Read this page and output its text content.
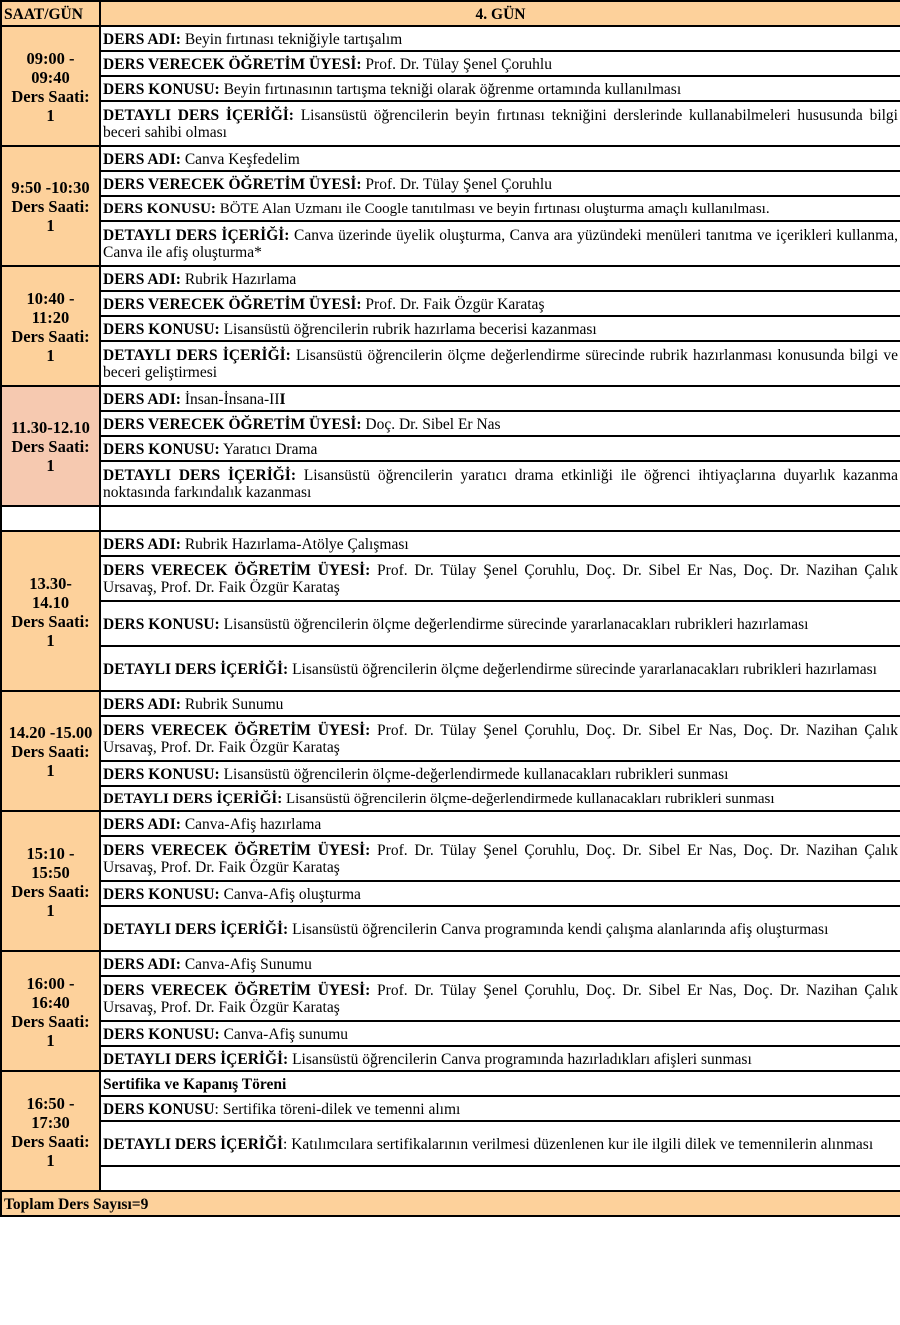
SAAT/GÜN	4. GÜN

09:00 -
09:40
Ders Saati:
1	DERS ADI: Beyin fırtınası tekniğiyle tartışalım
	DERS VERECEK ÖĞRETİM ÜYESİ: Prof. Dr. Tülay Şenel Çoruhlu
	DERS KONUSU: Beyin fırtınasının tartışma tekniği olarak öğrenme ortamında kullanılması
	DETAYLI DERS İÇERİĞİ: Lisansüstü öğrencilerin beyin fırtınası tekniğini derslerinde kullanabilmeleri hususunda bilgi beceri sahibi olması

9:50 -10:30
Ders Saati:
1	DERS ADI: Canva Keşfedelim
	DERS VERECEK ÖĞRETİM ÜYESİ: Prof. Dr. Tülay Şenel Çoruhlu
	DERS KONUSU: BÖTE Alan Uzmanı ile Coogle tanıtılması ve beyin fırtınası oluşturma amaçlı kullanılması.
	DETAYLI DERS İÇERİĞİ: Canva üzerinde üyelik oluşturma, Canva ara yüzündeki menüleri tanıtma ve içerikleri kullanma, Canva ile afiş oluşturma*

10:40 -
11:20
Ders Saati:
1	DERS ADI: Rubrik Hazırlama
	DERS VERECEK ÖĞRETİM ÜYESİ: Prof. Dr. Faik Özgür Karataş
	DERS KONUSU: Lisansüstü öğrencilerin rubrik hazırlama becerisi kazanması
	DETAYLI DERS İÇERİĞİ: Lisansüstü öğrencilerin ölçme değerlendirme sürecinde rubrik hazırlanması konusunda bilgi ve beceri geliştirmesi

11.30-12.10
Ders Saati:
1	DERS ADI: İnsan-İnsana-III
	DERS VERECEK ÖĞRETİM ÜYESİ: Doç. Dr. Sibel Er Nas
	DERS KONUSU: Yaratıcı Drama
	DETAYLI DERS İÇERİĞİ: Lisansüstü öğrencilerin yaratıcı drama etkinliği ile öğrenci ihtiyaçlarına duyarlık kazanma noktasında farkındalık kazanması

13.30-
14.10
Ders Saati:
1	DERS ADI: Rubrik Hazırlama-Atölye Çalışması
	DERS VERECEK ÖĞRETİM ÜYESİ: Prof. Dr. Tülay Şenel Çoruhlu, Doç. Dr. Sibel Er Nas, Doç. Dr. Nazihan Çalık Ursavaş, Prof. Dr. Faik Özgür Karataş
	DERS KONUSU: Lisansüstü öğrencilerin ölçme değerlendirme sürecinde yararlanacakları rubrikleri hazırlaması
	DETAYLI DERS İÇERİĞİ: Lisansüstü öğrencilerin ölçme değerlendirme sürecinde yararlanacakları rubrikleri hazırlaması

14.20 -15.00
Ders Saati:
1	DERS ADI: Rubrik Sunumu
	DERS VERECEK ÖĞRETİM ÜYESİ: Prof. Dr. Tülay Şenel Çoruhlu, Doç. Dr. Sibel Er Nas, Doç. Dr. Nazihan Çalık Ursavaş, Prof. Dr. Faik Özgür Karataş
	DERS KONUSU: Lisansüstü öğrencilerin ölçme-değerlendirmede kullanacakları rubrikleri sunması
	DETAYLI DERS İÇERİĞİ: Lisansüstü öğrencilerin ölçme-değerlendirmede kullanacakları rubrikleri sunması

15:10 -
15:50
Ders Saati:
1	DERS ADI: Canva-Afiş hazırlama
	DERS VERECEK ÖĞRETİM ÜYESİ: Prof. Dr. Tülay Şenel Çoruhlu, Doç. Dr. Sibel Er Nas, Doç. Dr. Nazihan Çalık Ursavaş, Prof. Dr. Faik Özgür Karataş
	DERS KONUSU: Canva-Afiş oluşturma
	DETAYLI DERS İÇERİĞİ: Lisansüstü öğrencilerin Canva programında kendi çalışma alanlarında afiş oluşturması

16:00 -
16:40
Ders Saati:
1	DERS ADI: Canva-Afiş Sunumu
	DERS VERECEK ÖĞRETİM ÜYESİ: Prof. Dr. Tülay Şenel Çoruhlu, Doç. Dr. Sibel Er Nas, Doç. Dr. Nazihan Çalık Ursavaş, Prof. Dr. Faik Özgür Karataş
	DERS KONUSU: Canva-Afiş sunumu
	DETAYLI DERS İÇERİĞİ: Lisansüstü öğrencilerin Canva programında hazırladıkları afişleri sunması

16:50 -
17:30
Ders Saati:
1	Sertifika ve Kapanış Töreni
	DERS KONUSU: Sertifika töreni-dilek ve temenni alımı
	DETAYLI DERS İÇERİĞİ: Katılımcılara sertifikalarının verilmesi düzenlenen kur ile ilgili dilek ve temennilerin alınması

Toplam Ders Sayısı=9	
